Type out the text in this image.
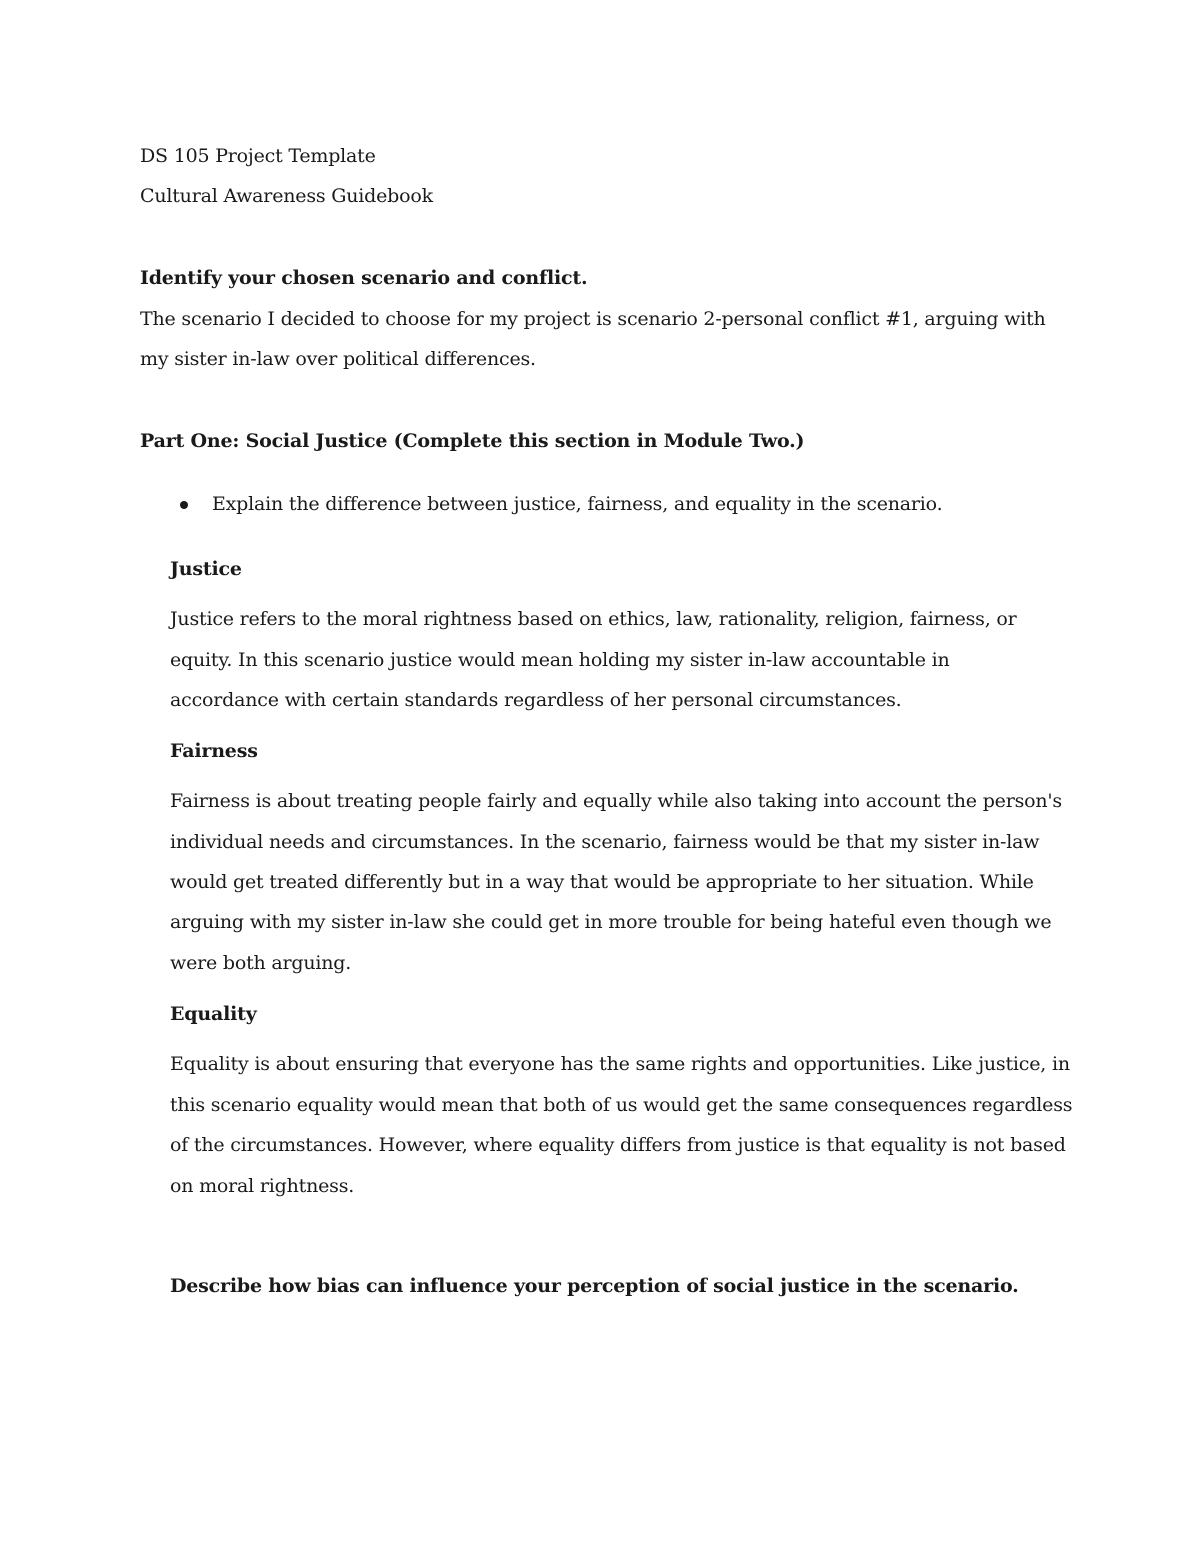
DS 105 Project Template
Cultural Awareness Guidebook
Identify your chosen scenario and conflict.
The scenario I decided to choose for my project is scenario 2-personal conflict #1, arguing with
my sister in-law over political differences.
Part One: Social Justice (Complete this section in Module Two.)
Explain the difference between justice, fairness, and equality in the scenario.
Justice
Justice refers to the moral rightness based on ethics, law, rationality, religion, fairness, or
equity. In this scenario justice would mean holding my sister in-law accountable in
accordance with certain standards regardless of her personal circumstances.
Fairness
Fairness is about treating people fairly and equally while also taking into account the person's
individual needs and circumstances. In the scenario, fairness would be that my sister in-law
would get treated differently but in a way that would be appropriate to her situation. While
arguing with my sister in-law she could get in more trouble for being hateful even though we
were both arguing.
Equality
Equality is about ensuring that everyone has the same rights and opportunities. Like justice, in
this scenario equality would mean that both of us would get the same consequences regardless
of the circumstances. However, where equality differs from justice is that equality is not based
on moral rightness.
Describe how bias can influence your perception of social justice in the scenario.
